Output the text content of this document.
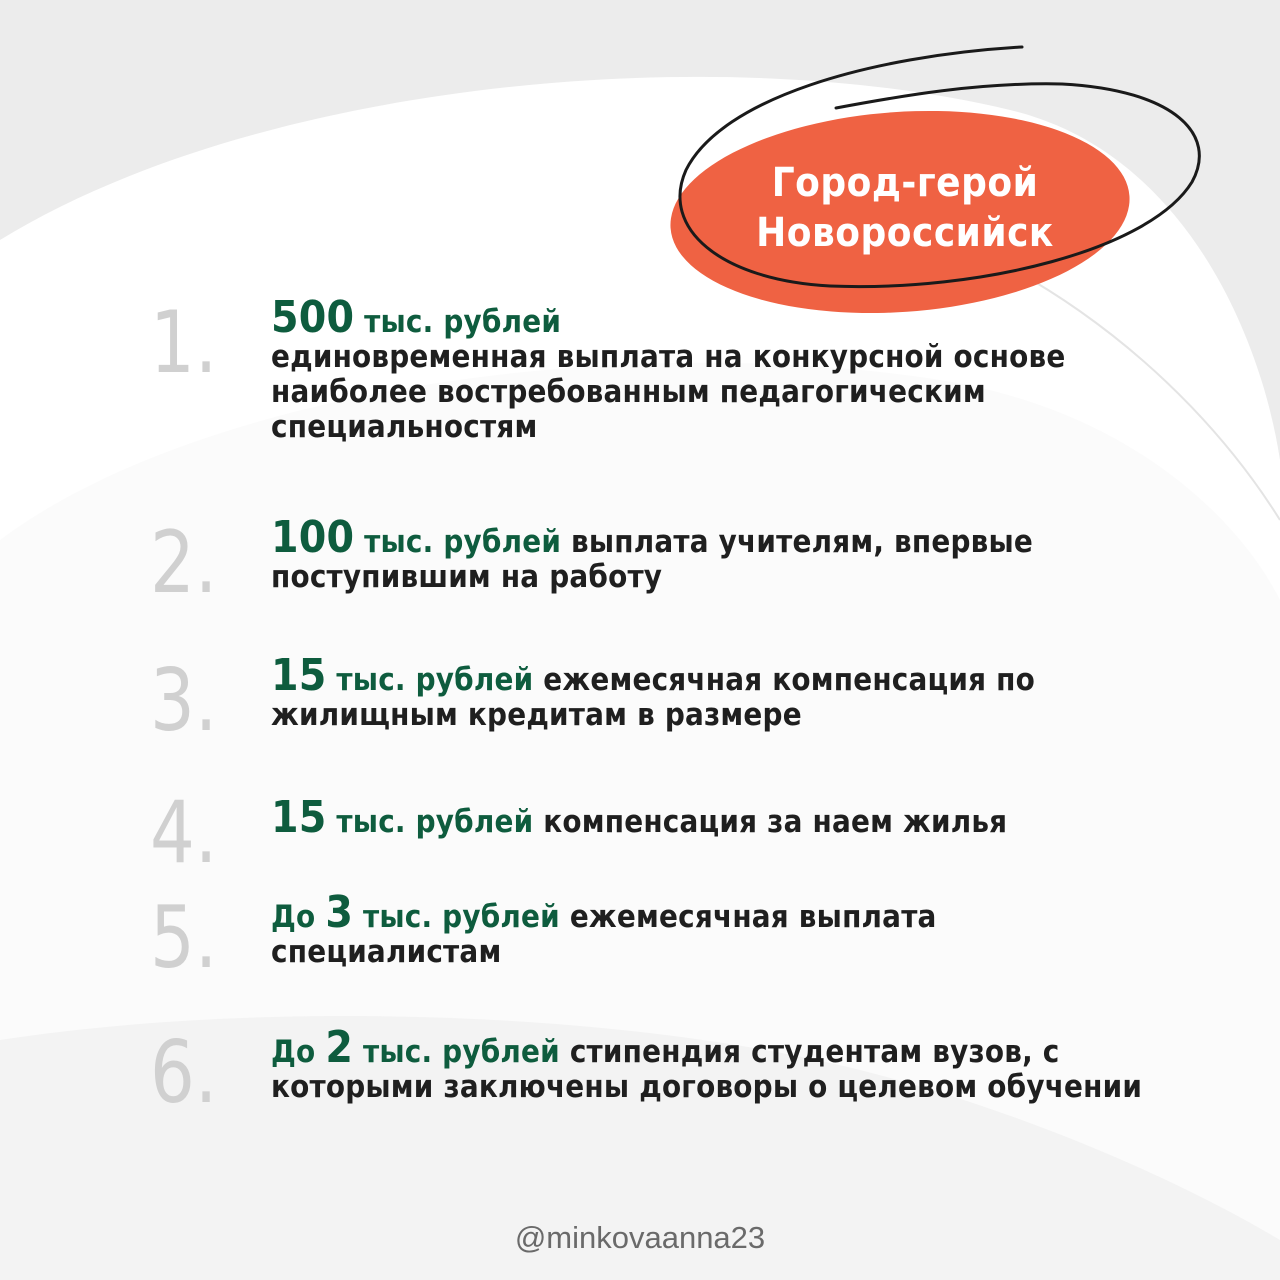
Город-герой
Новороссийск
1. 500 тыс. рублей
единовременная выплата на конкурсной основе наиболее востребованным педагогическим специальностям
2. 100 тыс. рублей выплата учителям, впервые поступившим на работу
3. 15 тыс. рублей ежемесячная компенсация по жилищным кредитам в размере
4. 15 тыс. рублей компенсация за наем жилья
5. До 3 тыс. рублей ежемесячная выплата специалистам
6. До 2 тыс. рублей стипендия студентам вузов, с которыми заключены договоры о целевом обучении
@minkovaanna23
